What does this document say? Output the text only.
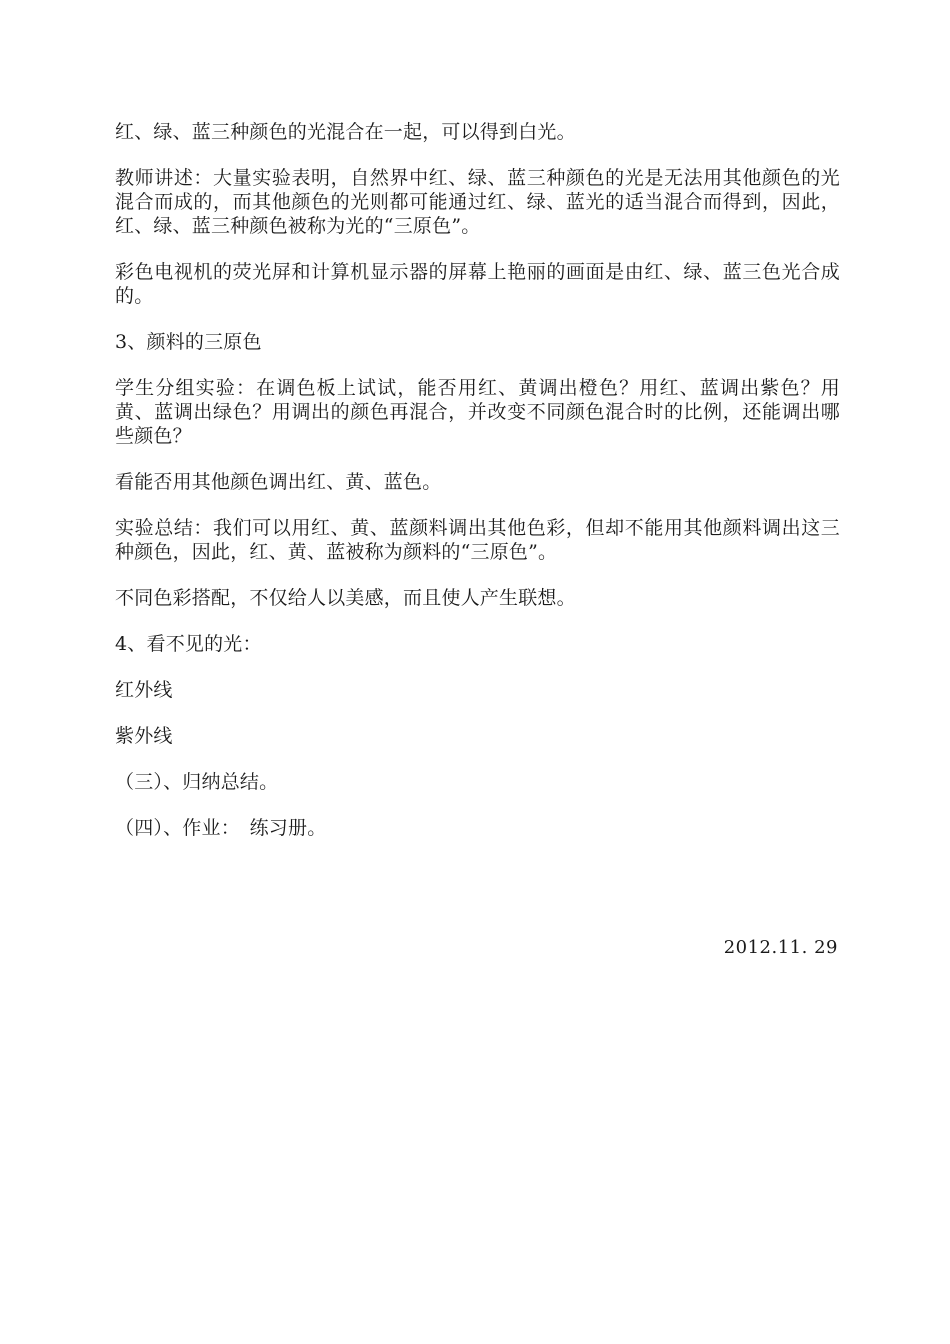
红、绿、蓝三种颜色的光混合在一起，可以得到白光。

教师讲述：大量实验表明，自然界中红、绿、蓝三种颜色的光是无法用其他颜色的光混合而成的，而其他颜色的光则都可能通过红、绿、蓝光的适当混合而得到，因此，红、绿、蓝三种颜色被称为光的“三原色”。

彩色电视机的荧光屏和计算机显示器的屏幕上艳丽的画面是由红、绿、蓝三色光合成的。

3、颜料的三原色

学生分组实验：在调色板上试试，能否用红、黄调出橙色？用红、蓝调出紫色？用黄、蓝调出绿色？用调出的颜色再混合，并改变不同颜色混合时的比例，还能调出哪些颜色？

看能否用其他颜色调出红、黄、蓝色。

实验总结：我们可以用红、黄、蓝颜料调出其他色彩，但却不能用其他颜料调出这三种颜色，因此，红、黄、蓝被称为颜料的“三原色”。

不同色彩搭配，不仅给人以美感，而且使人产生联想。

4、看不见的光：

红外线

紫外线

（三）、归纳总结。

（四）、作业：　练习册。

2012.11. 29
